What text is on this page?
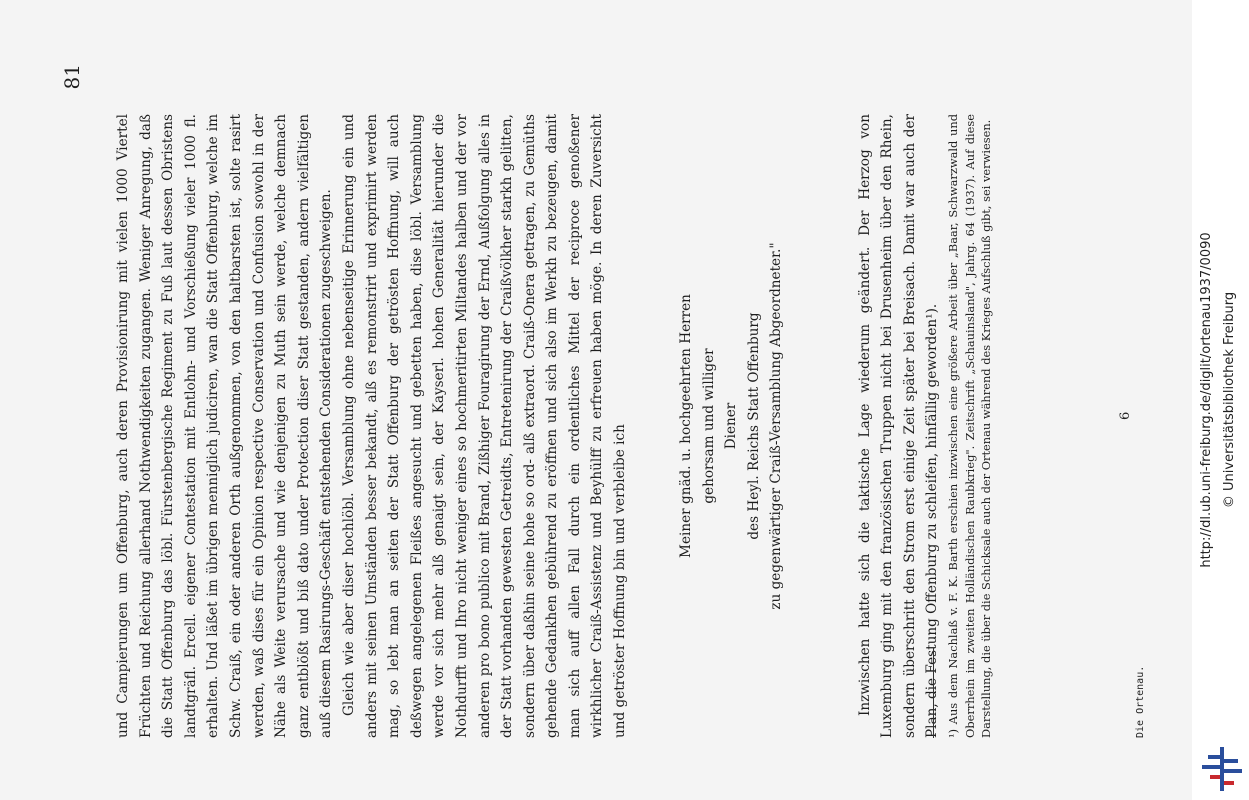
81

und Campierungen um Offenburg, auch deren Provisionirung mit vielen 1000 Viertel Früchten und Reichung allerhand Nothwendigkeiten zugangen. Weniger Anregung, daß die Statt Offenburg das löbl. Fürstenbergische Regiment zu Fuß laut dessen Obristens landtgräfl. Ercell. eigener Contestation mit Entlohn- und Vorschießung vieler 1000 fl. erhalten. Und läßet im übrigen menniglich judiciren, wan die Statt Offenburg, welche im Schw. Craiß, ein oder anderen Orth außgenommen, von den haltbarsten ist, solte rasirt werden, waß dises für ein Opinion respective Conservation und Confusion sowohl in der Nähe als Weite verursache und wie denjenigen zu Muth sein werde, welche demnach ganz entblößt und biß dato under Protection diser Statt gestanden, andern vielfältigen auß diesem Rasirungs-Geschäft entstehenden Considerationen zugeschweigen. Gleich wie aber diser hochlöbl. Versamblung ohne nebenseitige Erinnerung ein und anders mit seinen Umständen besser bekandt, alß es remonstrirt und exprimirt werden mag, so lebt man an seiten der Statt Offenburg der getrösten Hoffnung, will auch deßwegen angelegenen Fleißes angesucht und gebetten haben, dise löbl. Versamblung werde vor sich mehr alß genaigt sein, der Kayserl. hohen Generalität hierunder die Nothdurfft und Ihro nicht weniger eines so hochmeritirten Miltandes halben und der vor anderen pro bono publico mit Brand, Zißhiger Fouragirung der Ernd, Außfolgung alles in der Statt vorhanden gewesten Getreidts, Entretenirung der Craißvölkher starkh gelitten, sondern über daßhin seine hohe so ord- alß extraord. Craiß-Onera getragen, zu Gemüths gehende Gedankhen gebührend zu eröffnen und sich also im Werkh zu bezeugen, damit man sich auff allen Fall durch ein ordentliches Mittel der reciproce genoßener wirkhlicher Craiß-Assistenz und Beyhülff zu erfreuen haben möge. In deren Zuversicht und getröster Hoffnung bin und verbleibe ich	Meiner gnäd. u. hochgeehrten Herren gehorsam und williger Diener des Heyl. Reichs Statt Offenburg zu gegenwärtiger Craiß-Versamblung Abgeordneter."	Inzwischen hatte sich die taktische Lage wiederum geändert. Der Herzog von Luxemburg ging mit den französischen Truppen nicht bei Drusenheim über den Rhein, sondern überschritt den Strom erst einige Zeit später bei Breisach. Damit war auch der Plan, die Festung Offenburg zu schleifen, hinfällig geworden¹). ¹) Aus dem Nachlaß v. F. K. Barth erschien inzwischen eine größere Arbeit über „Baar, Schwarzwald und Oberrhein im zweiten Holländischen Raubkrieg". Zeitschrift „Schauinsland", Jahrg. 64 (1937). Auf diese Darstellung, die über die Schicksale auch der Ortenau während des Krieges Aufschluß gibt, sei verwiesen.	Die Ortenau.
6	http://dl.ub.uni-freiburg.de/diglit/ortenau1937/0090 © Universitätsbibliothek Freiburg
